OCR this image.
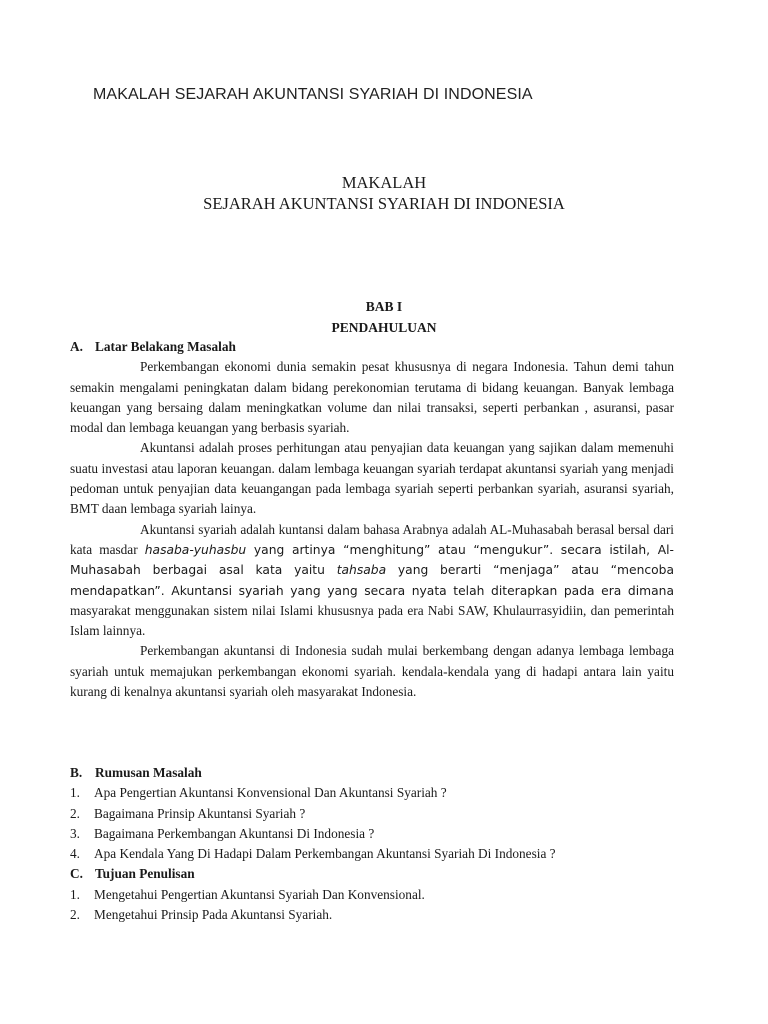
MAKALAH SEJARAH AKUNTANSI SYARIAH DI INDONESIA
MAKALAH
SEJARAH AKUNTANSI SYARIAH DI INDONESIA
BAB I
PENDAHULUAN
A. Latar Belakang Masalah

Perkembangan ekonomi dunia semakin pesat khususnya di negara Indonesia. Tahun demi tahun semakin mengalami peningkatan dalam bidang perekonomian terutama di bidang keuangan. Banyak lembaga keuangan yang bersaing dalam meningkatkan volume dan nilai transaksi, seperti perbankan , asuransi, pasar modal dan lembaga keuangan yang berbasis syariah.

Akuntansi adalah proses perhitungan atau penyajian data keuangan yang sajikan dalam memenuhi suatu investasi atau laporan keuangan. dalam lembaga keuangan syariah terdapat akuntansi syariah yang menjadi pedoman untuk penyajian data keuangangan pada lembaga syariah seperti perbankan syariah, asuransi syariah, BMT daan lembaga syariah lainya.

Akuntansi syariah adalah kuntansi dalam bahasa Arabnya adalah AL-Muhasabah berasal bersal dari kata masdar hasaba-yuhasbu yang artinya “menghitung” atau “mengukur”. secara istilah, Al-Muhasabah berbagai asal kata yaitu tahsaba yang berarti “menjaga” atau “mencoba mendapatkan”. Akuntansi syariah yang yang secara nyata telah diterapkan pada era dimana masyarakat menggunakan sistem nilai Islami khususnya pada era Nabi SAW, Khulaurrasyidiin, dan pemerintah Islam lainnya.

Perkembangan akuntansi di Indonesia sudah mulai berkembang dengan adanya lembaga lembaga syariah untuk memajukan perkembangan ekonomi syariah. kendala-kendala yang di hadapi antara lain yaitu kurang di kenalnya akuntansi syariah oleh masyarakat Indonesia.

B. Rumusan Masalah
1. Apa Pengertian Akuntansi Konvensional Dan Akuntansi Syariah ?
2. Bagaimana Prinsip Akuntansi Syariah ?
3. Bagaimana Perkembangan Akuntansi Di Indonesia ?
4. Apa Kendala Yang Di Hadapi Dalam Perkembangan Akuntansi Syariah Di Indonesia ?
C. Tujuan Penulisan
1. Mengetahui Pengertian Akuntansi Syariah Dan Konvensional.
2. Mengetahui Prinsip Pada Akuntansi Syariah.
